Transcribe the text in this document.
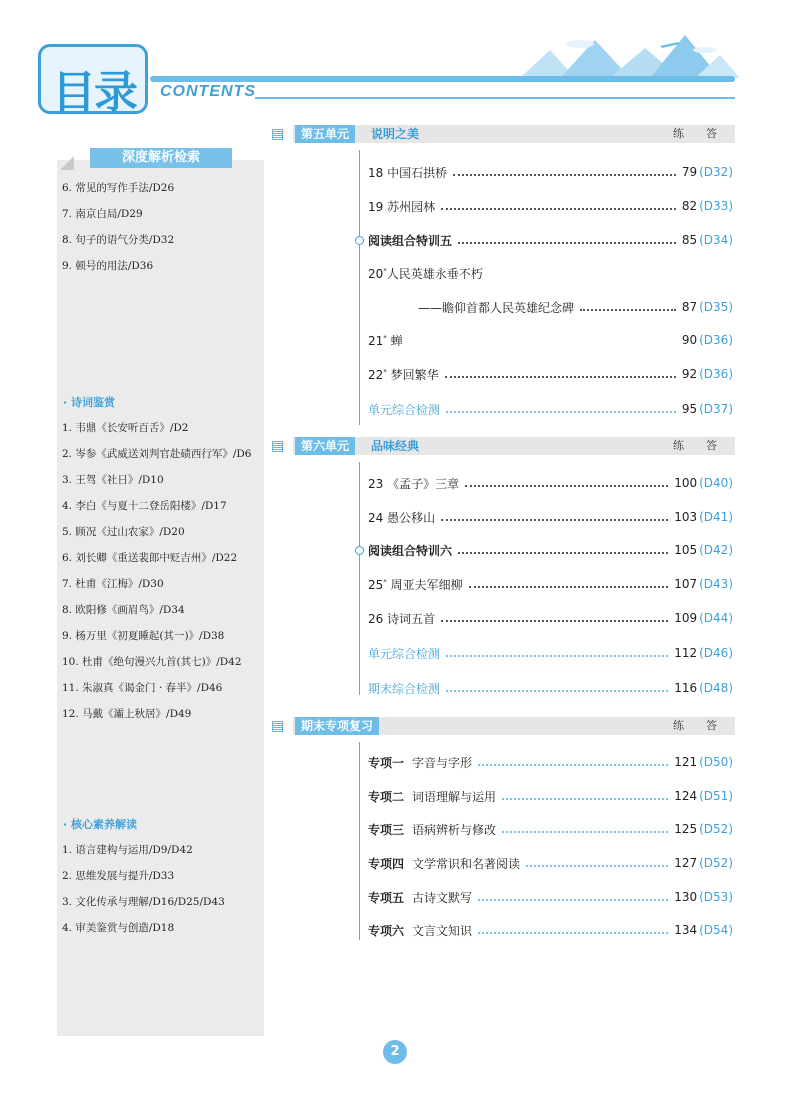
目录 CONTENTS
深度解析检索
6. 常见的写作手法/D26
7. 南京白局/D29
8. 句子的语气分类/D32
9. 顿号的用法/D36
· 诗词鉴赏
1. 韦鼎《长安听百舌》/D2
2. 岑参《武威送刘判官赴碛西行军》/D6
3. 王驾《社日》/D10
4. 李白《与夏十二登岳阳楼》/D17
5. 顾况《过山农家》/D20
6. 刘长卿《重送裴郎中贬吉州》/D22
7. 杜甫《江梅》/D30
8. 欧阳修《画眉鸟》/D34
9. 杨万里《初夏睡起(其一)》/D38
10. 杜甫《绝句漫兴九首(其七)》/D42
11. 朱淑真《谒金门 · 春半》/D46
12. 马戴《灞上秋居》/D49
· 核心素养解读
1. 语言建构与运用/D9/D42
2. 思维发展与提升/D33
3. 文化传承与理解/D16/D25/D43
4. 审美鉴赏与创造/D18
▤	第五单元	说明之美	练 答
18 中国石拱桥	79 (D32)
19 苏州园林	82 (D33)
阅读组合特训五	85 (D34)
20*人民英雄永垂不朽
——瞻仰首都人民英雄纪念碑	87 (D35)
21* 蝉	90 (D36)
22* 梦回繁华	92 (D36)
单元综合检测	95 (D37)
▤	第六单元	品味经典	练 答
23 《孟子》三章	100 (D40)
24 愚公移山	103 (D41)
阅读组合特训六	105 (D42)
25* 周亚夫军细柳	107 (D43)
26 诗词五首	109 (D44)
单元综合检测	112 (D46)
期末综合检测	116 (D48)
▤	期末专项复习	练 答
专项一 字音与字形	121 (D50)
专项二 词语理解与运用	124 (D51)
专项三 语病辨析与修改	125 (D52)
专项四 文学常识和名著阅读	127 (D52)
专项五 古诗文默写	130 (D53)
专项六 文言文知识	134 (D54)
2
